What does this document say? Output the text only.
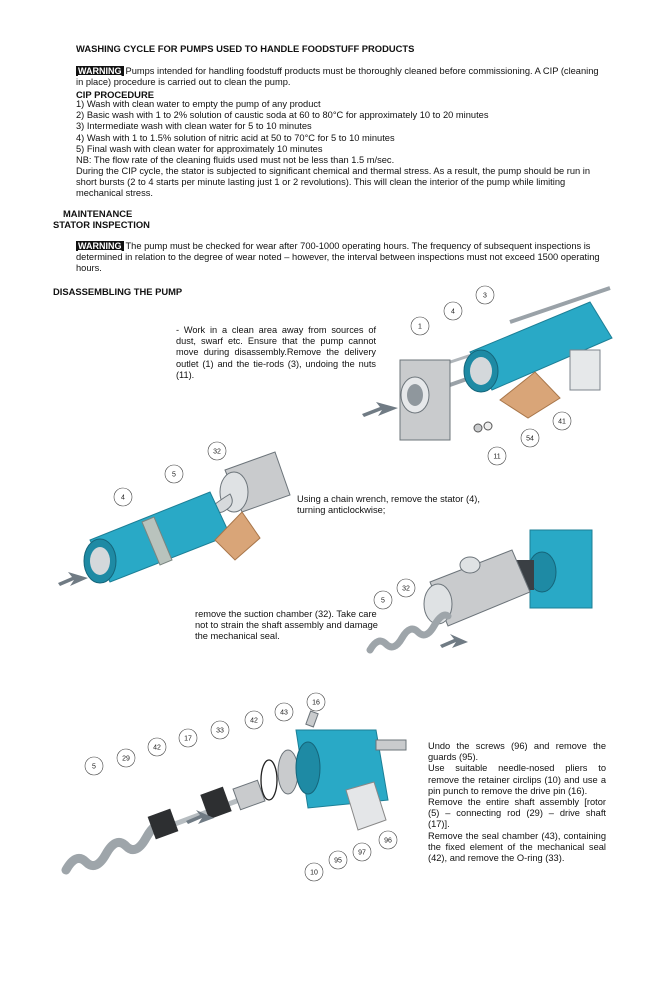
WASHING CYCLE FOR PUMPS USED TO HANDLE FOODSTUFF PRODUCTS

WARNING Pumps intended for handling foodstuff products must be thoroughly cleaned before commissioning. A CIP (cleaning in place) procedure is carried out to clean the pump.

CIP PROCEDURE

1) Wash with clean water to empty the pump of any product
2) Basic wash with 1 to 2% solution of caustic soda at 60 to 80°C for approximately 10 to 20 minutes
3) Intermediate wash with clean water for 5 to 10 minutes
4) Wash with 1 to 1.5% solution of nitric acid at 50 to 70°C for 5 to 10 minutes
5) Final wash with clean water for approximately 10 minutes
NB: The flow rate of the cleaning fluids used must not be less than 1.5 m/sec.

During the CIP cycle, the stator is subjected to significant chemical and thermal stress. As a result, the pump should be run in short bursts (2 to 4 starts per minute lasting just 1 or 2 revolutions). This will clean the interior of the pump while limiting mechanical stress.

MAINTENANCE

STATOR INSPECTION

WARNING The pump must be checked for wear after 700-1000 operating hours. The frequency of subsequent inspections is determined in relation to the degree of wear noted – however, the interval between inspections must not exceed 1500 operating hours.

DISASSEMBLING THE PUMP

- Work in a clean area away from sources of dust, swarf etc. Ensure that the pump cannot move during disassembly.Remove the delivery outlet (1) and the tie-rods (3), undoing the nuts (11).

Using a chain wrench, remove the stator (4), turning anticlockwise;

remove the suction chamber (32). Take care not to strain the shaft assembly and damage the mechanical seal.

Undo the screws (96) and remove the guards (95).
Use suitable needle-nosed pliers to remove the retainer circlips (10) and use a pin punch to remove the drive pin (16).
Remove the entire shaft assembly [rotor (5) – connecting rod (29) – drive shaft (17)].
Remove the seal chamber (43), containing the fixed element of the mechanical seal (42), and remove the O-ring (33).
1
3
4
41
54
11
32
5
4
32
5
16
43
42
33
17
42
29
5
96
97
95
10
